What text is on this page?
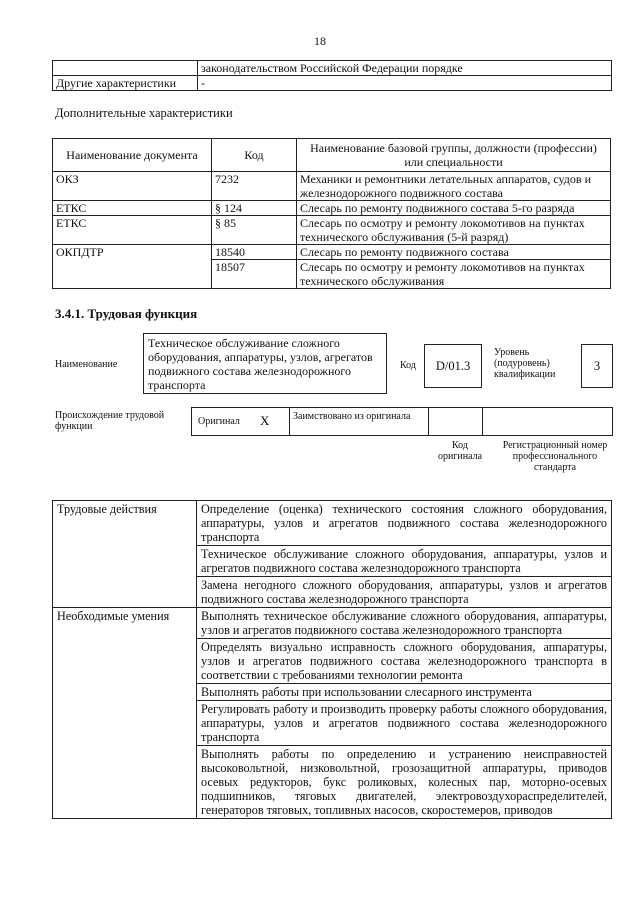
18
	законодательством Российской Федерации порядке
Другие характеристики	-
Дополнительные характеристики
Наименование документа	Код	Наименование базовой группы, должности (профессии) или специальности
ОКЗ	7232	Механики и ремонтники летательных аппаратов, судов и железнодорожного подвижного состава
ЕТКС	§ 124	Слесарь по ремонту подвижного состава 5-го разряда
ЕТКС	§ 85	Слесарь по осмотру и ремонту локомотивов на пунктах технического обслуживания (5-й разряд)
ОКПДТР	18540	Слесарь по ремонту подвижного состава
	18507	Слесарь по осмотру и ремонту локомотивов на пунктах технического обслуживания
3.4.1. Трудовая функция
Наименование
Техническое обслуживание сложного оборудования, аппаратуры, узлов, агрегатов подвижного состава железнодорожного транспорта
Код	D/01.3
Уровень (подуровень) квалификации
3
Происхождение трудовой функции	Оригинал X Заимствовано из оригинала
Код оригинала
Регистрационный номер профессионального стандарта
Трудовые действия	Определение (оценка) технического состояния сложного оборудования, аппаратуры, узлов и агрегатов подвижного состава железнодорожного транспорта
	Техническое обслуживание сложного оборудования, аппаратуры, узлов и агрегатов подвижного состава железнодорожного транспорта
	Замена негодного сложного оборудования, аппаратуры, узлов и агрегатов подвижного состава железнодорожного транспорта
Необходимые умения	Выполнять техническое обслуживание сложного оборудования, аппаратуры, узлов и агрегатов подвижного состава железнодорожного транспорта
	Определять визуально исправность сложного оборудования, аппаратуры, узлов и агрегатов подвижного состава железнодорожного транспорта в соответствии с требованиями технологии ремонта
	Выполнять работы при использовании слесарного инструмента
	Регулировать работу и производить проверку работы сложного оборудования, аппаратуры, узлов и агрегатов подвижного состава железнодорожного транспорта
	Выполнять работы по определению и устранению неисправностей высоковольтной, низковольтной, грозозащитной аппаратуры, приводов осевых редукторов, букс роликовых, колесных пар, моторно-осевых подшипников, тяговых двигателей, электровоздухораспределителей, генераторов тяговых, топливных насосов, скоростемеров, приводов
